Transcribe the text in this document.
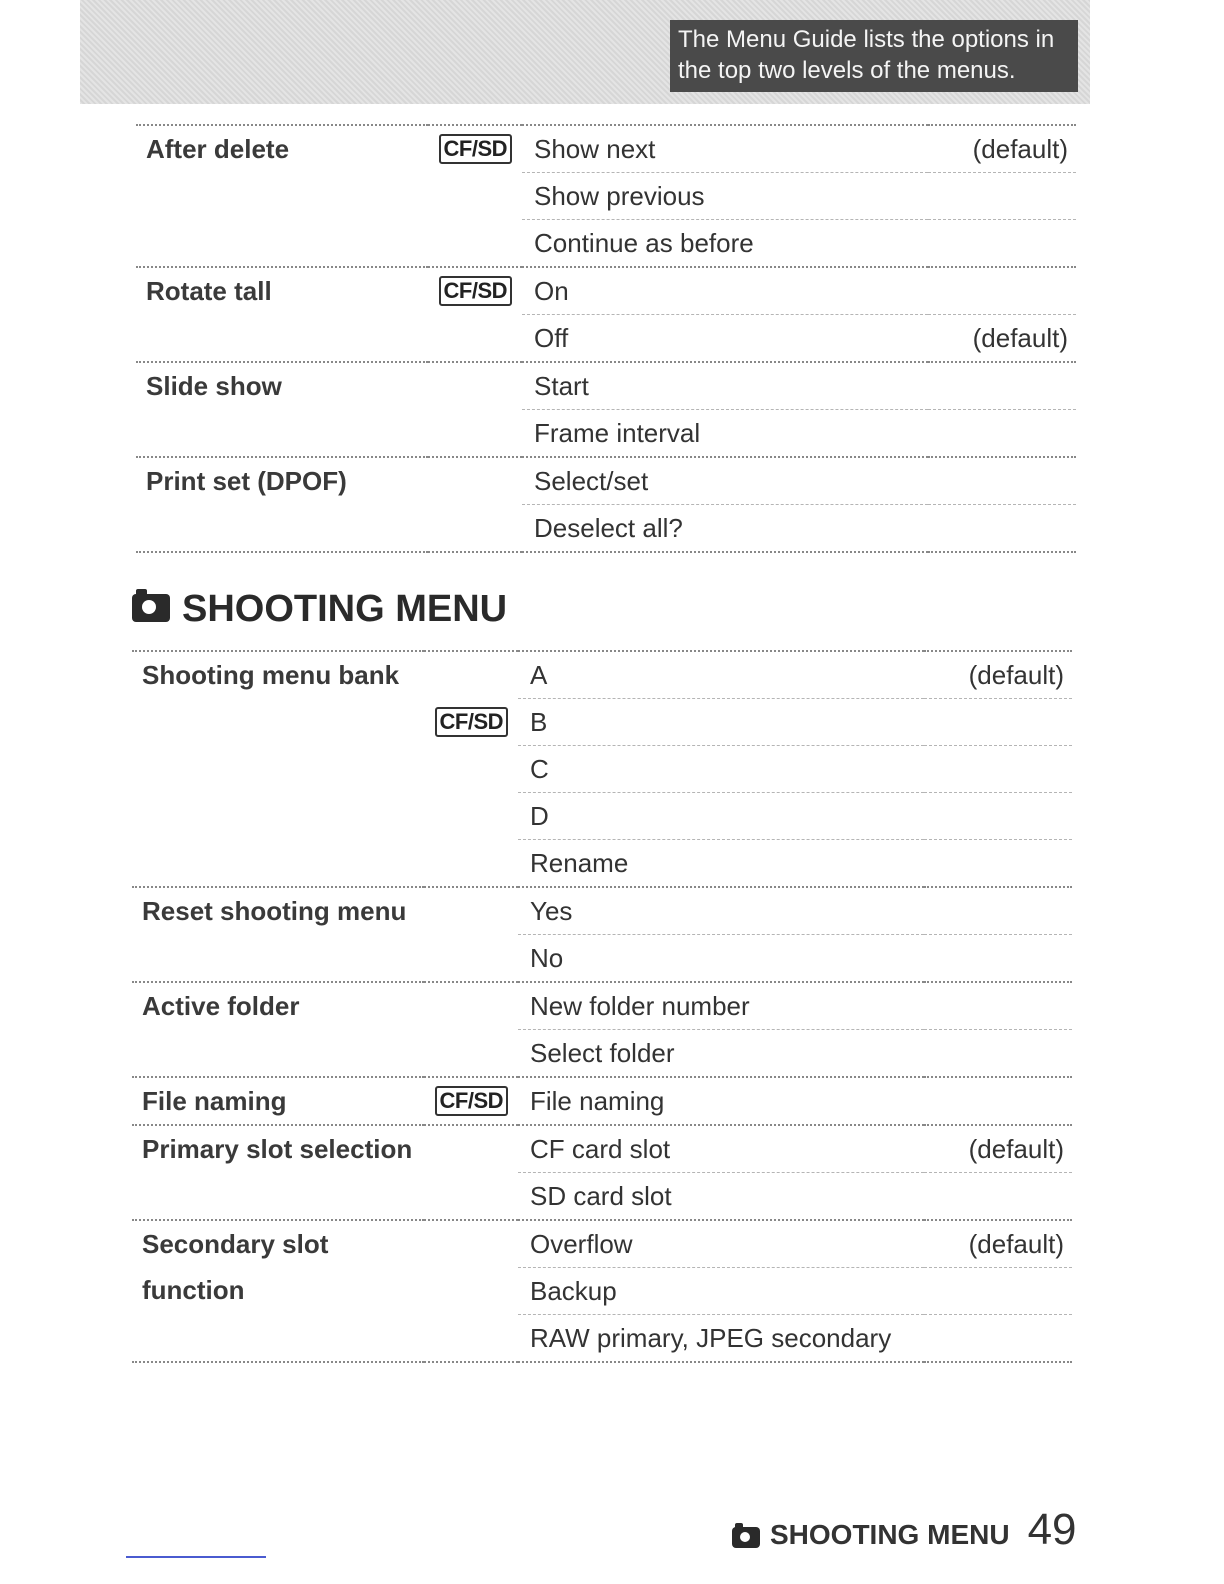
The Menu Guide lists the options in the top two levels of the menus.
After delete	CF/SD	Show next	(default)

		Show previous	

		Continue as before	

Rotate tall	CF/SD	On	

		Off	(default)

Slide show		Start	

		Frame interval	

Print set (DPOF)		Select/set	

		Deselect all?	

SHOOTING MENU
Shooting menu bank		A	(default)

	CF/SD	B	

		C	

		D	

		Rename	

Reset shooting menu		Yes	

		No	

Active folder		New folder number	

		Select folder	

File naming	CF/SD	File naming	

Primary slot selection		CF card slot	(default)

		SD card slot	

Secondary slot function		Overflow	(default)

		Backup	

		RAW primary, JPEG secondary	

SHOOTING MENU 49
